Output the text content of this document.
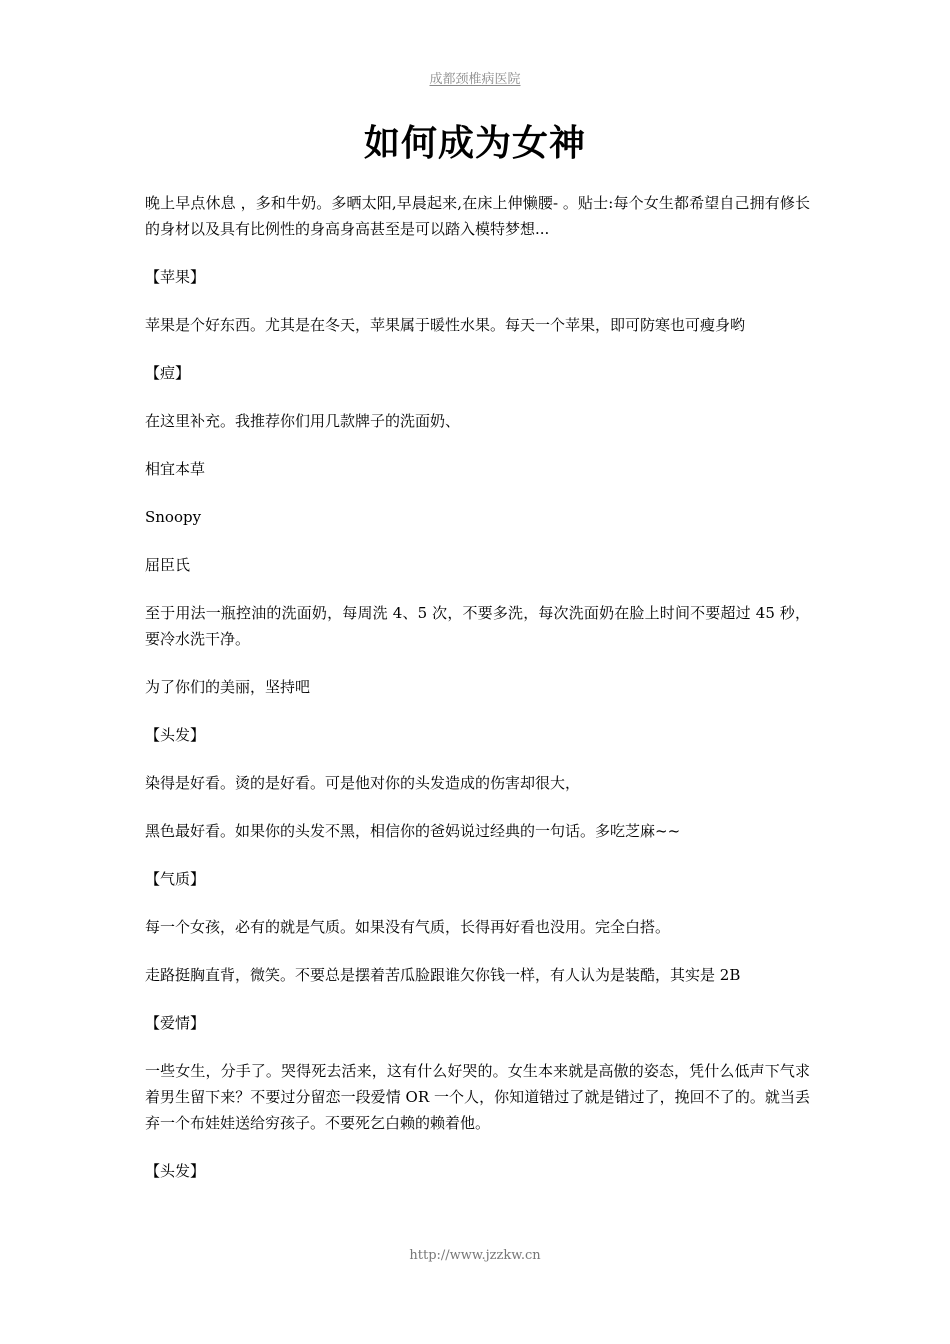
成都颈椎病医院
如何成为女神

晚上早点休息 ，多和牛奶。多晒太阳,早晨起来,在床上伸懒腰- 。贴士:每个女生都希望自己拥有修长的身材以及具有比例性的身高身高甚至是可以踏入模特梦想...

【苹果】

苹果是个好东西。尤其是在冬天，苹果属于暖性水果。每天一个苹果，即可防寒也可瘦身哟

【痘】

在这里补充。我推荐你们用几款牌子的洗面奶、

相宜本草

Snoopy

屈臣氏

至于用法一瓶控油的洗面奶，每周洗 4、5 次，不要多洗，每次洗面奶在脸上时间不要超过 45 秒，要冷水洗干净。

为了你们的美丽，坚持吧

【头发】

染得是好看。烫的是好看。可是他对你的头发造成的伤害却很大，

黑色最好看。如果你的头发不黑，相信你的爸妈说过经典的一句话。多吃芝麻~~

【气质】

每一个女孩，必有的就是气质。如果没有气质，长得再好看也没用。完全白搭。

走路挺胸直背，微笑。不要总是摆着苦瓜脸跟谁欠你钱一样，有人认为是装酷，其实是 2B

【爱情】

一些女生，分手了。哭得死去活来，这有什么好哭的。女生本来就是高傲的姿态，凭什么低声下气求着男生留下来？不要过分留恋一段爱情 OR 一个人，你知道错过了就是错过了，挽回不了的。就当丢弃一个布娃娃送给穷孩子。不要死乞白赖的赖着他。

【头发】

http://www.jzzkw.cn
